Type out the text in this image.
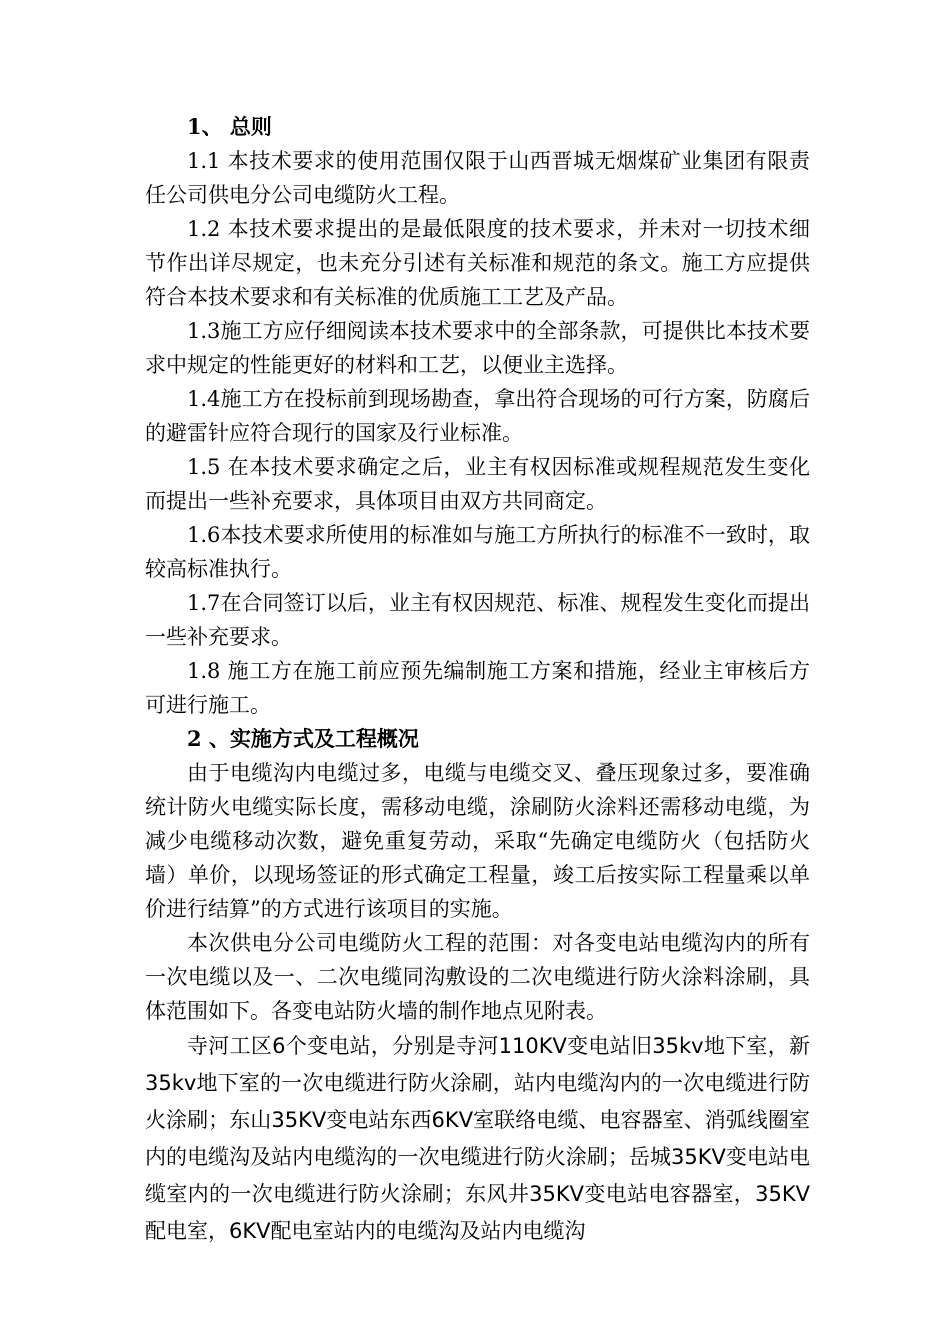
1、 总则

1.1 本技术要求的使用范围仅限于山西晋城无烟煤矿业集团有限责任公司供电分公司电缆防火工程。

1.2 本技术要求提出的是最低限度的技术要求，并未对一切技术细节作出详尽规定，也未充分引述有关标准和规范的条文。施工方应提供符合本技术要求和有关标准的优质施工工艺及产品。

1.3施工方应仔细阅读本技术要求中的全部条款，可提供比本技术要求中规定的性能更好的材料和工艺，以便业主选择。

1.4施工方在投标前到现场勘查，拿出符合现场的可行方案，防腐后的避雷针应符合现行的国家及行业标准。

1.5 在本技术要求确定之后，业主有权因标准或规程规范发生变化而提出一些补充要求，具体项目由双方共同商定。

1.6本技术要求所使用的标准如与施工方所执行的标准不一致时，取较高标准执行。

1.7在合同签订以后，业主有权因规范、标准、规程发生变化而提出一些补充要求。

1.8 施工方在施工前应预先编制施工方案和措施，经业主审核后方可进行施工。

2 、实施方式及工程概况

由于电缆沟内电缆过多，电缆与电缆交叉、叠压现象过多，要准确统计防火电缆实际长度，需移动电缆，涂刷防火涂料还需移动电缆，为减少电缆移动次数，避免重复劳动，采取“先确定电缆防火（包括防火墙）单价，以现场签证的形式确定工程量，竣工后按实际工程量乘以单价进行结算”的方式进行该项目的实施。

本次供电分公司电缆防火工程的范围：对各变电站电缆沟内的所有一次电缆以及一、二次电缆同沟敷设的二次电缆进行防火涂料涂刷，具体范围如下。各变电站防火墙的制作地点见附表。

寺河工区6个变电站，分别是寺河110KV变电站旧35kv地下室，新35kv地下室的一次电缆进行防火涂刷，站内电缆沟内的一次电缆进行防火涂刷；东山35KV变电站东西6KV室联络电缆、电容器室、消弧线圈室内的电缆沟及站内电缆沟的一次电缆进行防火涂刷；岳城35KV变电站电缆室内的一次电缆进行防火涂刷；东风井35KV变电站电容器室，35KV配电室，6KV配电室站内的电缆沟及站内电缆沟
